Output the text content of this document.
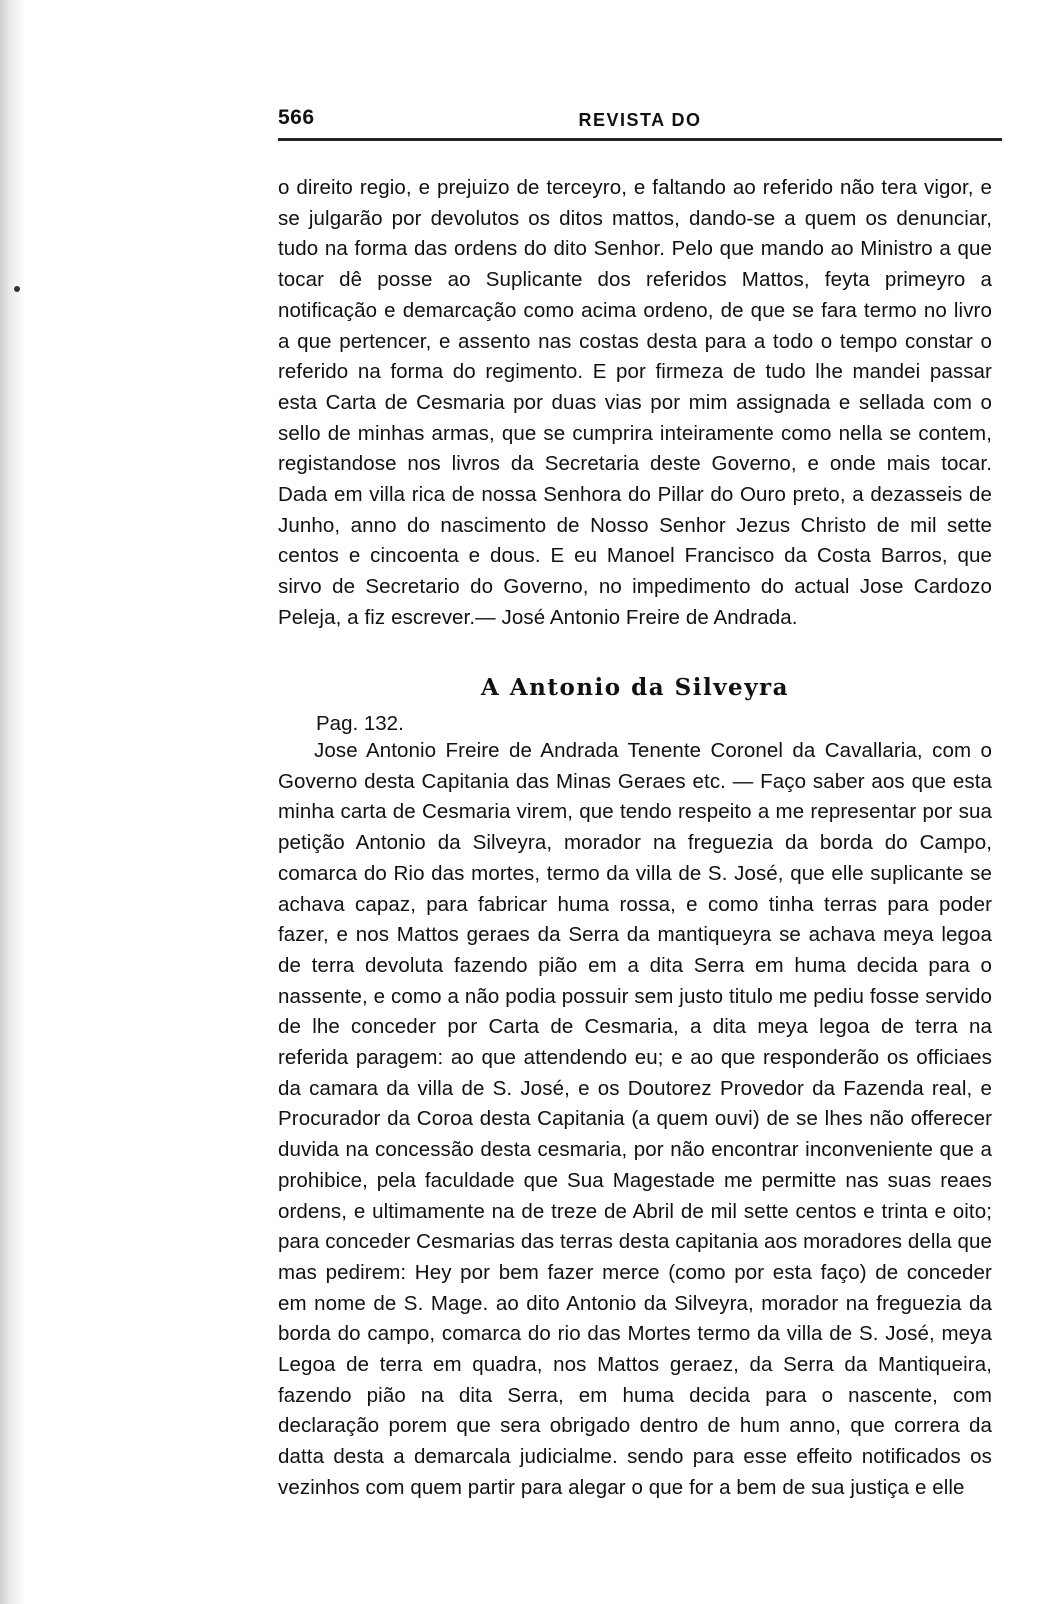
566	REVISTA DO

o direito regio, e prejuizo de terceyro, e faltando ao referido não tera vigor, e se julgarão por devolutos os ditos mattos, dando-se a quem os denunciar, tudo na forma das ordens do dito Senhor. Pelo que mando ao Ministro a que tocar dê posse ao Suplicante dos referidos Mattos, feyta primeyro a notificação e demarcação como acima ordeno, de que se fara termo no livro a que pertencer, e assento nas costas desta para a todo o tempo constar o referido na forma do regimento. E por firmeza de tudo lhe mandei passar esta Carta de Cesmaria por duas vias por mim assignada e sellada com o sello de minhas armas, que se cumprira inteiramente como nella se contem, registandose nos livros da Secretaria deste Governo, e onde mais tocar. Dada em villa rica de nossa Senhora do Pillar do Ouro preto, a dezasseis de Junho, anno do nascimento de Nosso Senhor Jezus Christo de mil sette centos e cincoenta e dous. E eu Manoel Francisco da Costa Barros, que sirvo de Secretario do Governo, no impedimento do actual Jose Cardozo Peleja, a fiz escrever.— José Antonio Freire de Andrada.

A Antonio da Silveyra
Pag. 132.

Jose Antonio Freire de Andrada Tenente Coronel da Cavallaria, com o Governo desta Capitania das Minas Geraes etc. — Faço saber aos que esta minha carta de Cesmaria virem, que tendo respeito a me representar por sua petição Antonio da Silveyra, morador na freguezia da borda do Campo, comarca do Rio das mortes, termo da villa de S. José, que elle suplicante se achava capaz, para fabricar huma rossa, e como tinha terras para poder fazer, e nos Mattos geraes da Serra da mantiqueyra se achava meya legoa de terra devoluta fazendo pião em a dita Serra em huma decida para o nassente, e como a não podia possuir sem justo titulo me pediu fosse servido de lhe conceder por Carta de Cesmaria, a dita meya legoa de terra na referida paragem: ao que attendendo eu; e ao que responderão os officiaes da camara da villa de S. José, e os Doutorez Provedor da Fazenda real, e Procurador da Coroa desta Capitania (a quem ouvi) de se lhes não offerecer duvida na concessão desta cesmaria, por não encontrar inconveniente que a prohibice, pela faculdade que Sua Magestade me permitte nas suas reaes ordens, e ultimamente na de treze de Abril de mil sette centos e trinta e oito; para conceder Cesmarias das terras desta capitania aos moradores della que mas pedirem: Hey por bem fazer merce (como por esta faço) de conceder em nome de S. Mage. ao dito Antonio da Silveyra, morador na freguezia da borda do campo, comarca do rio das Mortes termo da villa de S. José, meya Legoa de terra em quadra, nos Mattos geraez, da Serra da Mantiqueira, fazendo pião na dita Serra, em huma decida para o nascente, com declaração porem que sera obrigado dentro de hum anno, que correra da datta desta a demarcala judicialme. sendo para esse effeito notificados os vezinhos com quem partir para alegar o que for a bem de sua justiça e elle
